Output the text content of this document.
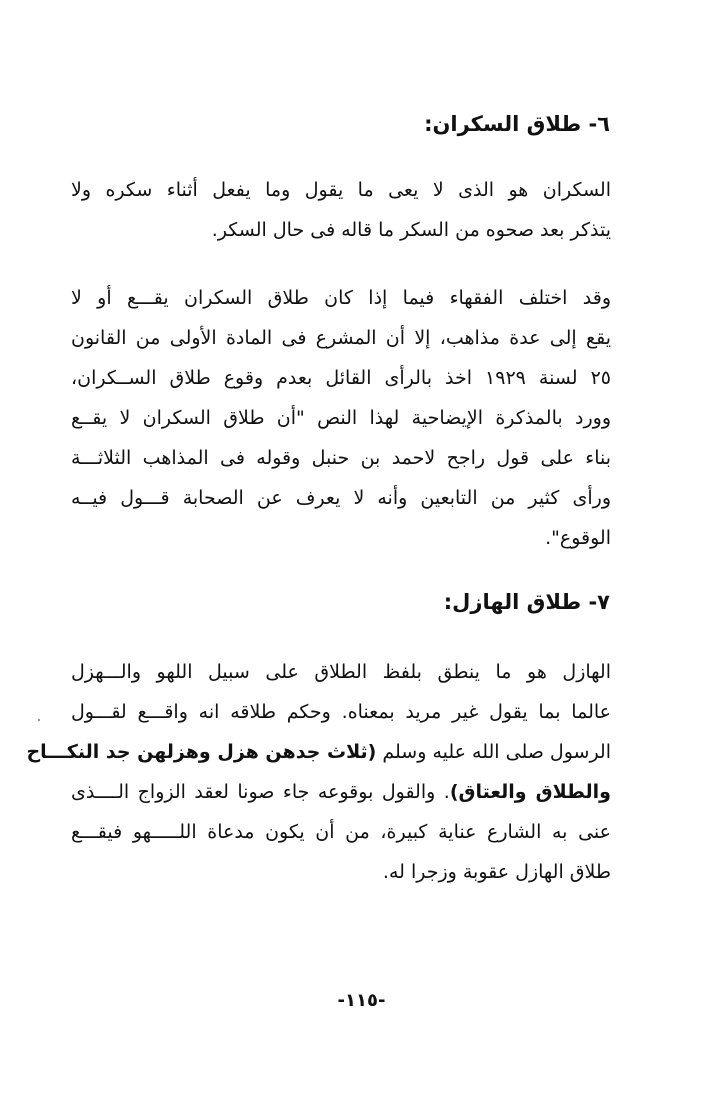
٦- طلاق السكران:
السكران هو الذى لا يعى ما يقول وما يفعل أثناء سكره ولا
يتذكر بعد صحوه من السكر ما قاله فى حال السكر.
وقد اختلف الفقهاء فيما إذا كان طلاق السكران يقـــع أو لا
يقع إلى عدة مذاهب، إلا أن المشرع فى المادة الأولى من القانون
٢٥ لسنة ١٩٢٩ اخذ بالرأى القائل بعدم وقوع طلاق الســكران،
وورد بالمذكرة الإيضاحية لهذا النص "أن طلاق السكران لا يقــع
بناء على قول راجح لاحمد بن حنبل وقوله فى المذاهب الثلاثـــة
ورأى كثير من التابعين وأنه لا يعرف عن الصحابة قـــول فيــه
الوقوع".
٧- طلاق الهازل:
الهازل هو ما ينطق بلفظ الطلاق على سبيل اللهو والـــهزل
عالما بما يقول غير مريد بمعناه. وحكم طلاقه انه واقـــع لقـــول
الرسول صلى الله عليه وسلم (ثلاث جدهن هزل وهزلهن جد النكـــاح
والطلاق والعتاق). والقول بوقوعه جاء صونا لعقد الزواج الــــذى
عنى به الشارع عناية كبيرة، من أن يكون مدعاة اللـــــهو فيقـــع
طلاق الهازل عقوبة وزجرا له.
-١١٥-
